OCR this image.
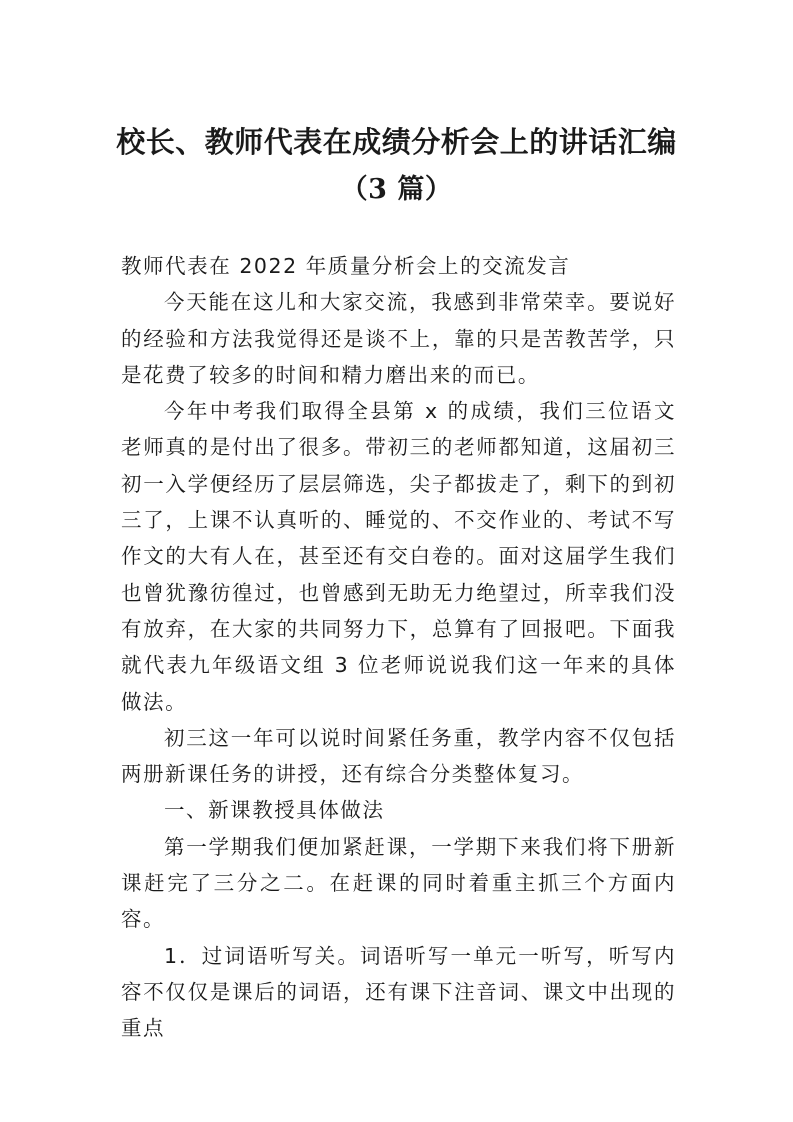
校长、教师代表在成绩分析会上的讲话汇编
（3 篇）

教师代表在 2022 年质量分析会上的交流发言

今天能在这儿和大家交流，我感到非常荣幸。要说好的经验和方法我觉得还是谈不上，靠的只是苦教苦学，只是花费了较多的时间和精力磨出来的而已。

今年中考我们取得全县第 x 的成绩，我们三位语文老师真的是付出了很多。带初三的老师都知道，这届初三初一入学便经历了层层筛选，尖子都拔走了，剩下的到初三了，上课不认真听的、睡觉的、不交作业的、考试不写作文的大有人在，甚至还有交白卷的。面对这届学生我们也曾犹豫彷徨过，也曾感到无助无力绝望过，所幸我们没有放弃，在大家的共同努力下，总算有了回报吧。下面我就代表九年级语文组 3 位老师说说我们这一年来的具体做法。

初三这一年可以说时间紧任务重，教学内容不仅包括两册新课任务的讲授，还有综合分类整体复习。

一、新课教授具体做法

第一学期我们便加紧赶课，一学期下来我们将下册新课赶完了三分之二。在赶课的同时着重主抓三个方面内容。

1．过词语听写关。词语听写一单元一听写，听写内容不仅仅是课后的词语，还有课下注音词、课文中出现的重点
